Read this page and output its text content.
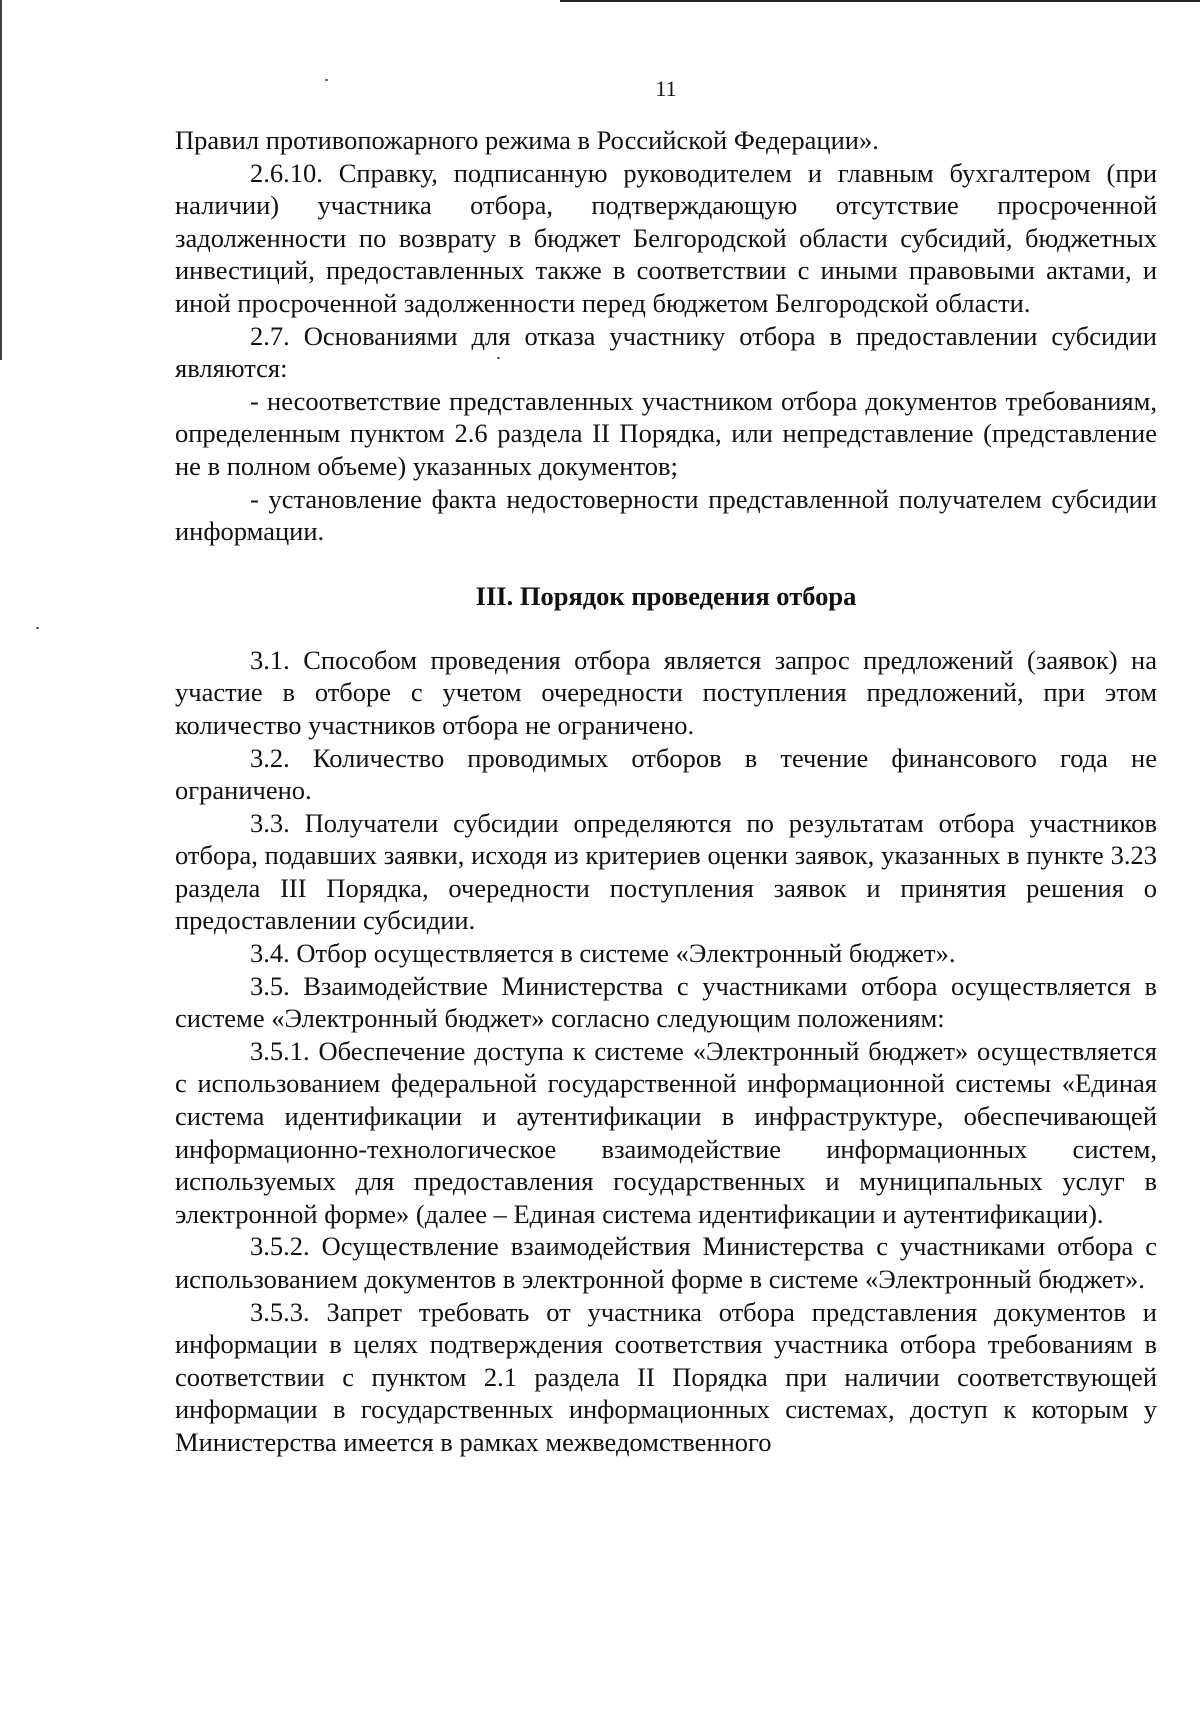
11

Правил противопожарного режима в Российской Федерации».

2.6.10. Справку, подписанную руководителем и главным бухгалтером (при наличии) участника отбора, подтверждающую отсутствие просроченной задолженности по возврату в бюджет Белгородской области субсидий, бюджетных инвестиций, предоставленных также в соответствии с иными правовыми актами, и иной просроченной задолженности перед бюджетом Белгородской области.

2.7. Основаниями для отказа участнику отбора в предоставлении субсидии являются:

- несоответствие представленных участником отбора документов требованиям, определенным пунктом 2.6 раздела II Порядка, или непредставление (представление не в полном объеме) указанных документов;

- установление факта недостоверности представленной получателем субсидии информации.

III. Порядок проведения отбора

3.1. Способом проведения отбора является запрос предложений (заявок) на участие в отборе с учетом очередности поступления предложений, при этом количество участников отбора не ограничено.

3.2. Количество проводимых отборов в течение финансового года не ограничено.

3.3. Получатели субсидии определяются по результатам отбора участников отбора, подавших заявки, исходя из критериев оценки заявок, указанных в пункте 3.23 раздела III Порядка, очередности поступления заявок и принятия решения о предоставлении субсидии.

3.4. Отбор осуществляется в системе «Электронный бюджет».

3.5. Взаимодействие Министерства с участниками отбора осуществляется в системе «Электронный бюджет» согласно следующим положениям:

3.5.1. Обеспечение доступа к системе «Электронный бюджет» осуществляется с использованием федеральной государственной информационной системы «Единая система идентификации и аутентификации в инфраструктуре, обеспечивающей информационно-технологическое взаимодействие информационных систем, используемых для предоставления государственных и муниципальных услуг в электронной форме» (далее – Единая система идентификации и аутентификации).

3.5.2. Осуществление взаимодействия Министерства с участниками отбора с использованием документов в электронной форме в системе «Электронный бюджет».

3.5.3. Запрет требовать от участника отбора представления документов и информации в целях подтверждения соответствия участника отбора требованиям в соответствии с пунктом 2.1 раздела II Порядка при наличии соответствующей информации в государственных информационных системах, доступ к которым у Министерства имеется в рамках межведомственного
